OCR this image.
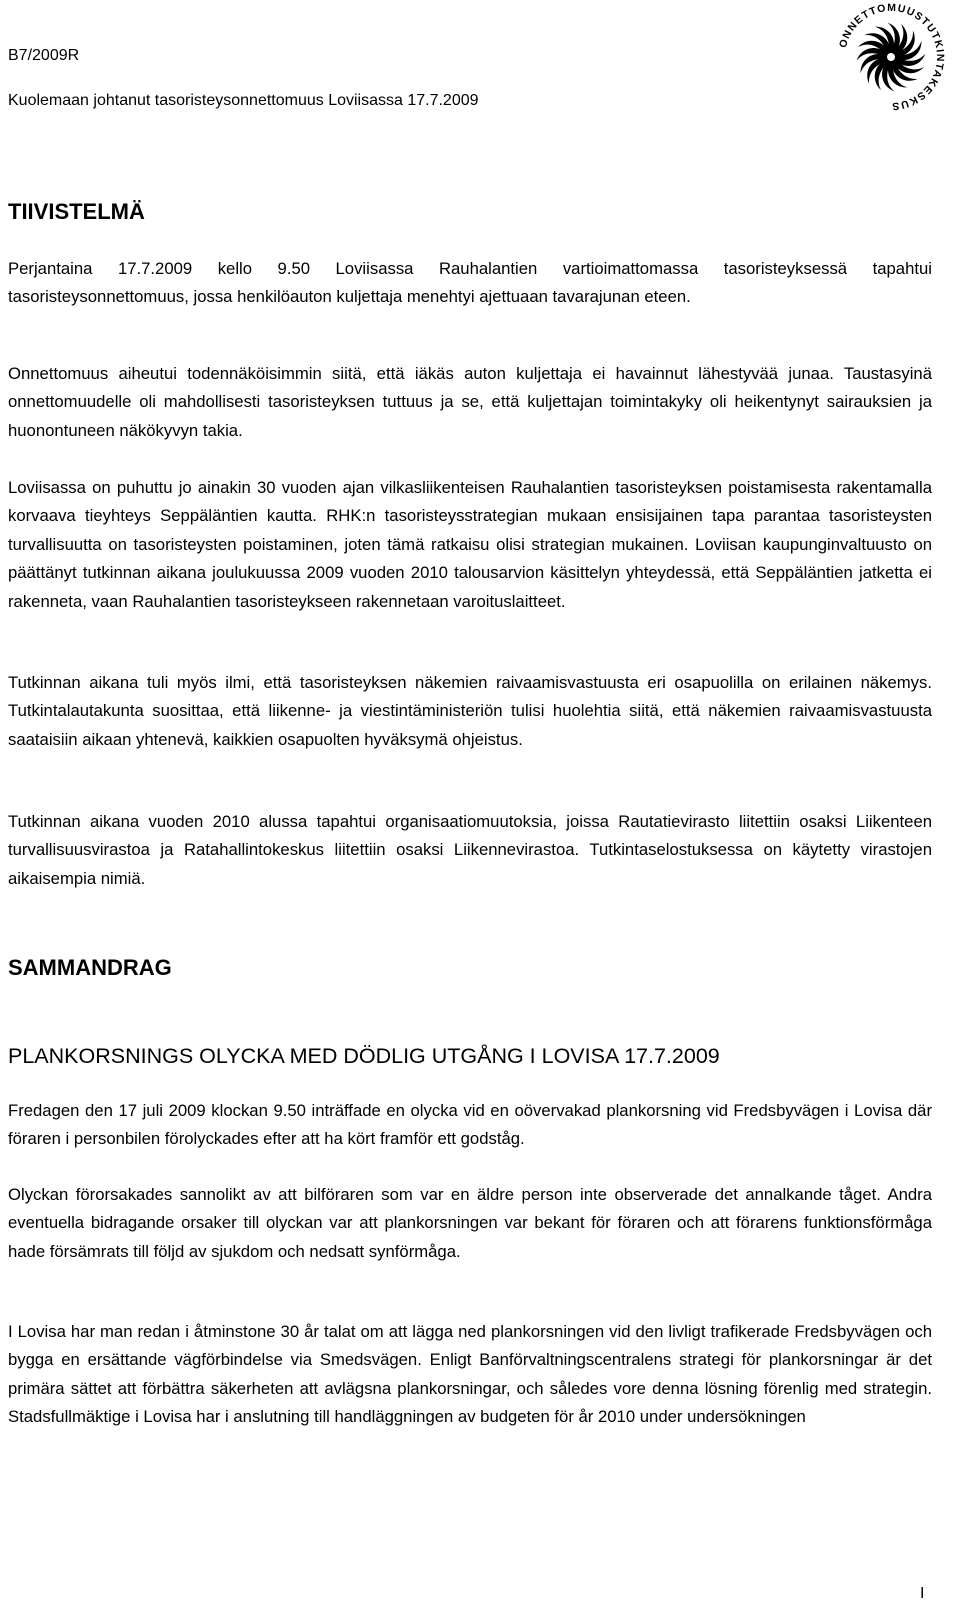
B7/2009R
Kuolemaan johtanut tasoristeysonnettomuus Loviisassa 17.7.2009
ONNETTOMUUSTUTKINTAKESKUS
TIIVISTELMÄ

Perjantaina 17.7.2009 kello 9.50 Loviisassa Rauhalantien vartioimattomassa tasoristeyksessä tapahtui tasoristeysonnettomuus, jossa henkilöauton kuljettaja menehtyi ajettuaan tavarajunan eteen.

Onnettomuus aiheutui todennäköisimmin siitä, että iäkäs auton kuljettaja ei havainnut lähestyvää junaa. Taustasyinä onnettomuudelle oli mahdollisesti tasoristeyksen tuttuus ja se, että kuljettajan toimintakyky oli heikentynyt sairauksien ja huonontuneen näkökyvyn takia.

Loviisassa on puhuttu jo ainakin 30 vuoden ajan vilkasliikenteisen Rauhalantien tasoristeyksen poistamisesta rakentamalla korvaava tieyhteys Seppäläntien kautta. RHK:n tasoristeysstrategian mukaan ensisijainen tapa parantaa tasoristeysten turvallisuutta on tasoristeysten poistaminen, joten tämä ratkaisu olisi strategian mukainen. Loviisan kaupunginvaltuusto on päättänyt tutkinnan aikana joulukuussa 2009 vuoden 2010 talousarvion käsittelyn yhteydessä, että Seppäläntien jatketta ei rakenneta, vaan Rauhalantien tasoristeykseen rakennetaan varoituslaitteet.

Tutkinnan aikana tuli myös ilmi, että tasoristeyksen näkemien raivaamisvastuusta eri osapuolilla on erilainen näkemys. Tutkintalautakunta suosittaa, että liikenne- ja viestintäministeriön tulisi huolehtia siitä, että näkemien raivaamisvastuusta saataisiin aikaan yhtenevä, kaikkien osapuolten hyväksymä ohjeistus.

Tutkinnan aikana vuoden 2010 alussa tapahtui organisaatiomuutoksia, joissa Rautatievirasto liitettiin osaksi Liikenteen turvallisuusvirastoa ja Ratahallintokeskus liitettiin osaksi Liikennevirastoa. Tutkintaselostuksessa on käytetty virastojen aikaisempia nimiä.

SAMMANDRAG
PLANKORSNINGS OLYCKA MED DÖDLIG UTGÅNG I LOVISA 17.7.2009

Fredagen den 17 juli 2009 klockan 9.50 inträffade en olycka vid en oövervakad plankorsning vid Fredsbyvägen i Lovisa där föraren i personbilen förolyckades efter att ha kört framför ett godståg.

Olyckan förorsakades sannolikt av att bilföraren som var en äldre person inte observerade det annalkande tåget. Andra eventuella bidragande orsaker till olyckan var att plankorsningen var bekant för föraren och att förarens funktionsförmåga hade försämrats till följd av sjukdom och nedsatt synförmåga.

I Lovisa har man redan i åtminstone 30 år talat om att lägga ned plankorsningen vid den livligt trafikerade Fredsbyvägen och bygga en ersättande vägförbindelse via Smedsvägen. Enligt Banförvaltningscentralens strategi för plankorsningar är det primära sättet att förbättra säkerheten att avlägsna plankorsningar, och således vore denna lösning förenlig med strategin. Stadsfullmäktige i Lovisa har i anslutning till handläggningen av budgeten för år 2010 under undersökningen

I
